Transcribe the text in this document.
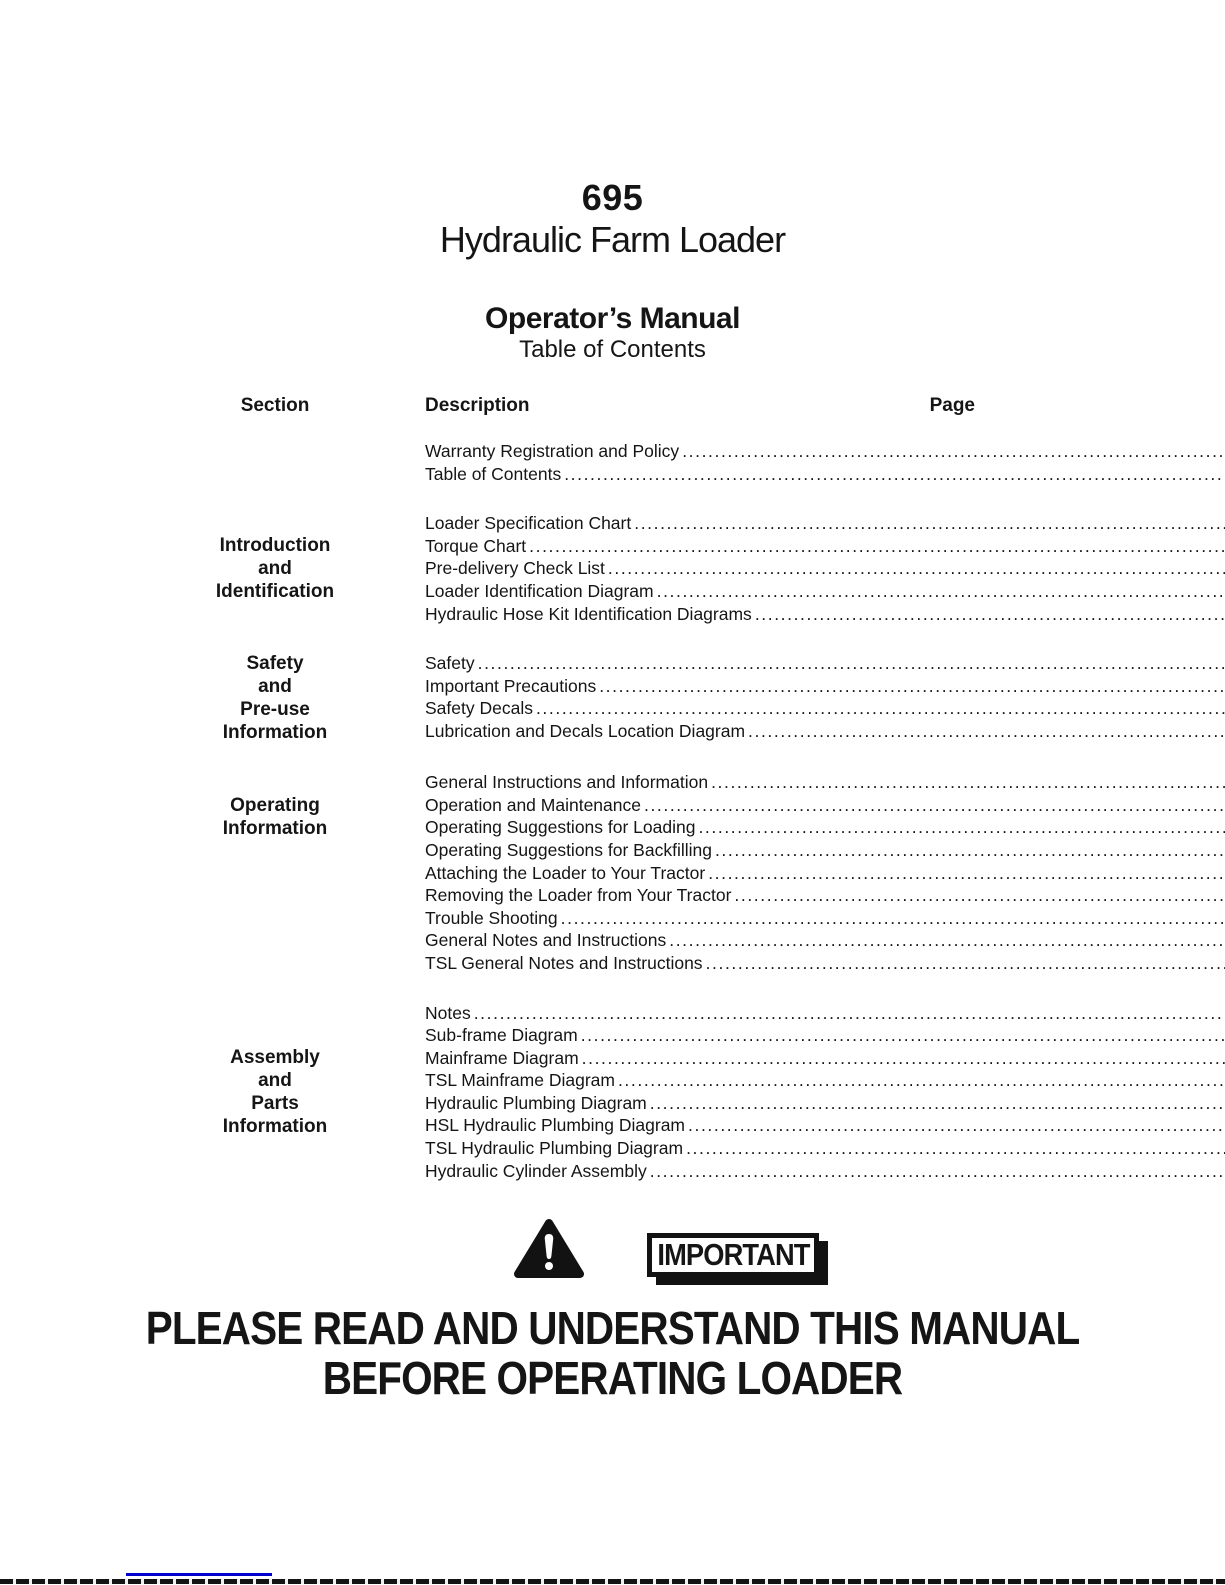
695
Hydraulic Farm Loader
Operator’s Manual
Table of Contents
Section	Description	Page
Warranty Registration and Policy
.....
Table of Contents
.....
Introduction
and
Identification
Loader Specification Chart
.....
Torque Chart
.....
Pre-delivery Check List
.....
Loader Identification Diagram
.....
Hydraulic Hose Kit Identification Diagrams
.....
Safety
and
Pre-use
Information
Safety
.....
Important Precautions
.....
Safety Decals
.....
Lubrication and Decals Location Diagram
.....
Operating
Information
General Instructions and Information
.....
Operation and Maintenance
.....
Operating Suggestions for Loading
.....
Operating Suggestions for Backfilling
.....
Attaching the Loader to Your Tractor
.....
Removing the Loader from Your Tractor
.....
Trouble Shooting
.....
General Notes and Instructions
.....
TSL General Notes and Instructions
.....
Assembly
and
Parts
Information
Notes
.....
Sub-frame Diagram
.....
Mainframe Diagram
.....
TSL Mainframe Diagram
.....
Hydraulic Plumbing Diagram
.....
HSL Hydraulic Plumbing Diagram
.....
TSL Hydraulic Plumbing Diagram
.....
Hydraulic Cylinder Assembly
.....
IMPORTANT
PLEASE READ AND UNDERSTAND THIS MANUAL
BEFORE OPERATING LOADER
